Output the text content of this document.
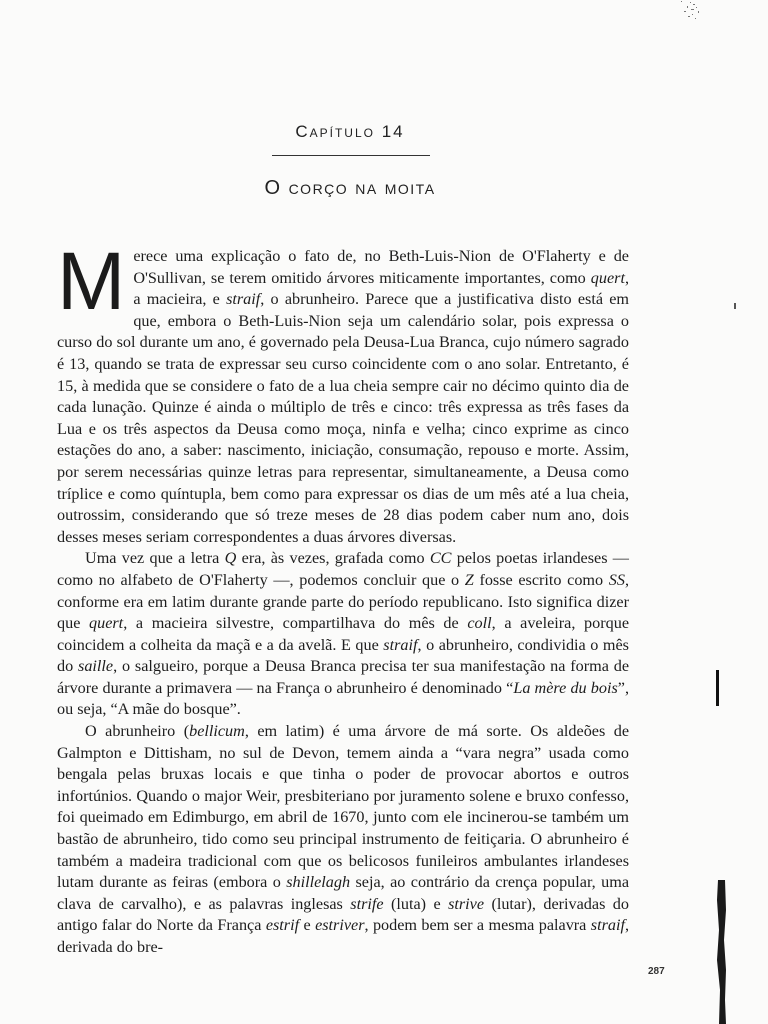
Capítulo 14
O corço na moita

Merece uma explicação o fato de, no Beth-Luis-Nion de O'Flaherty e de O'Sullivan, se terem omitido árvores miticamente importantes, como quert, a macieira, e straif, o abrunheiro. Parece que a justificativa disto está em que, embora o Beth-Luis-Nion seja um calendário solar, pois expressa o curso do sol durante um ano, é governado pela Deusa-Lua Branca, cujo número sagrado é 13, quando se trata de expressar seu curso coincidente com o ano solar. Entretanto, é 15, à medida que se considere o fato de a lua cheia sempre cair no décimo quinto dia de cada lunação. Quinze é ainda o múltiplo de três e cinco: três expressa as três fases da Lua e os três aspectos da Deusa como moça, ninfa e velha; cinco exprime as cinco estações do ano, a saber: nascimento, iniciação, consumação, repouso e morte. Assim, por serem necessárias quinze letras para representar, simultaneamente, a Deusa como tríplice e como quíntupla, bem como para expressar os dias de um mês até a lua cheia, outrossim, considerando que só treze meses de 28 dias podem caber num ano, dois desses meses seriam correspondentes a duas árvores diversas.

Uma vez que a letra Q era, às vezes, grafada como CC pelos poetas irlandeses — como no alfabeto de O'Flaherty —, podemos concluir que o Z fosse escrito como SS, conforme era em latim durante grande parte do período republicano. Isto significa dizer que quert, a macieira silvestre, compartilhava do mês de coll, a aveleira, porque coincidem a colheita da maçã e a da avelã. E que straif, o abrunheiro, condividia o mês do saille, o salgueiro, porque a Deusa Branca precisa ter sua manifestação na forma de árvore durante a primavera — na França o abrunheiro é denominado “La mère du bois”, ou seja, “A mãe do bosque”.

O abrunheiro (bellicum, em latim) é uma árvore de má sorte. Os aldeões de Galmpton e Dittisham, no sul de Devon, temem ainda a “vara negra” usada como bengala pelas bruxas locais e que tinha o poder de provocar abortos e outros infortúnios. Quando o major Weir, presbiteriano por juramento solene e bruxo confesso, foi queimado em Edimburgo, em abril de 1670, junto com ele incinerou-se também um bastão de abrunheiro, tido como seu principal instrumento de feitiçaria. O abrunheiro é também a madeira tradicional com que os belicosos funileiros ambulantes irlandeses lutam durante as feiras (embora o shillelagh seja, ao contrário da crença popular, uma clava de carvalho), e as palavras inglesas strife (luta) e strive (lutar), derivadas do antigo falar do Norte da França estrif e estriver, podem bem ser a mesma palavra straif, derivada do bre-

287
